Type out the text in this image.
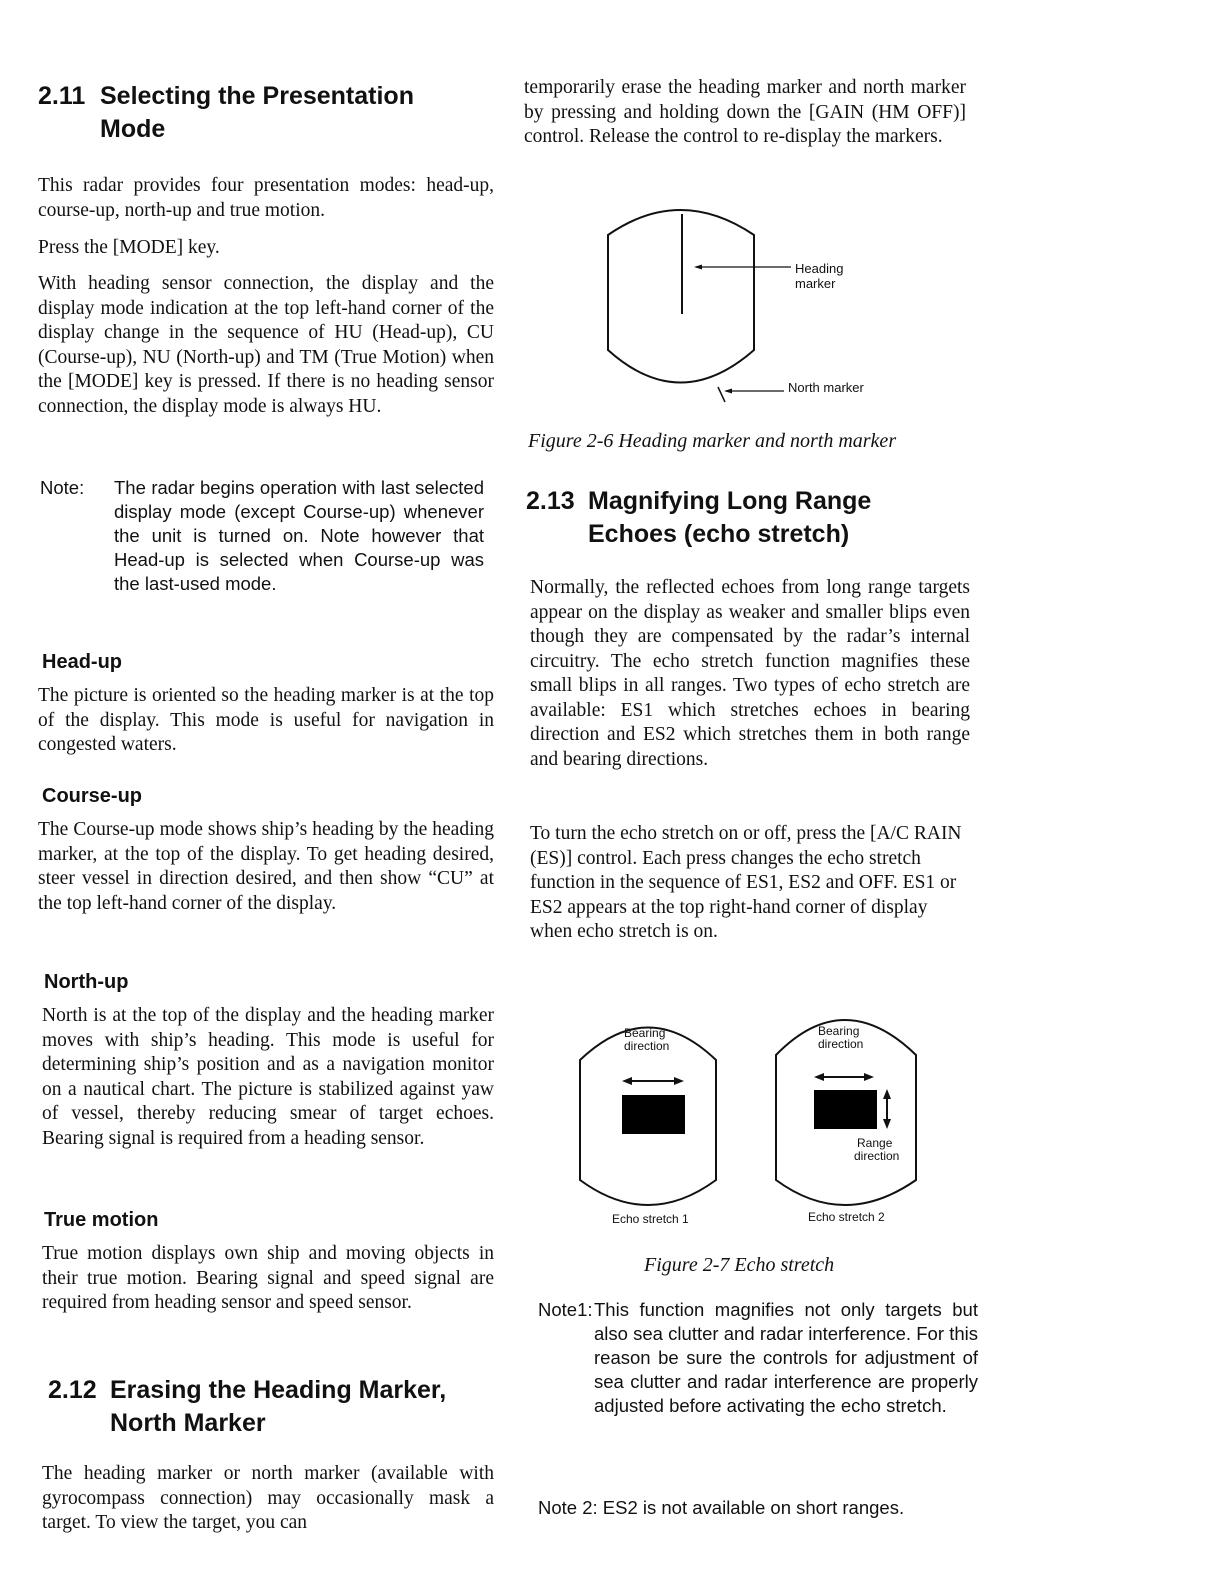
2.11 Selecting the Presentation
Mode

This radar provides four presentation modes: head-up, course-up, north-up and true motion.

Press the [MODE] key.

With heading sensor connection, the display and the display mode indication at the top left-hand corner of the display change in the sequence of HU (Head-up), CU (Course-up), NU (North-up) and TM (True Motion) when the [MODE] key is pressed. If there is no heading sensor connection, the display mode is always HU.

Note:	The radar begins operation with last selected display mode (except Course-up) whenever the unit is turned on. Note however that Head-up is selected when Course-up was the last-used mode.
Head-up

The picture is oriented so the heading marker is at the top of the display. This mode is useful for navigation in congested waters.

Course-up

The Course-up mode shows ship’s heading by the heading marker, at the top of the display. To get heading desired, steer vessel in direction desired, and then show “CU” at the top left-hand corner of the display.

North-up

North is at the top of the display and the heading marker moves with ship’s heading. This mode is useful for determining ship’s position and as a navigation monitor on a nautical chart. The picture is stabilized against yaw of vessel, thereby reducing smear of target echoes. Bearing signal is required from a heading sensor.

True motion

True motion displays own ship and moving objects in their true motion. Bearing signal and speed signal are required from heading sensor and speed sensor.

2.12 Erasing the Heading Marker,
North Marker

The heading marker or north marker (available with gyrocompass connection) may occasionally mask a target. To view the target, you can

temporarily erase the heading marker and north marker by pressing and holding down the [GAIN (HM OFF)] control. Release the control to re-display the markers.

Heading
marker
North marker
Figure 2-6 Heading marker and north marker
2.13 Magnifying Long Range
Echoes (echo stretch)

Normally, the reflected echoes from long range targets appear on the display as weaker and smaller blips even though they are compensated by the radar’s internal circuitry. The echo stretch function magnifies these small blips in all ranges. Two types of echo stretch are available: ES1 which stretches echoes in bearing direction and ES2 which stretches them in both range and bearing directions.

To turn the echo stretch on or off, press the [A/C RAIN (ES)] control. Each press changes the echo stretch function in the sequence of ES1, ES2 and OFF. ES1 or ES2 appears at the top right-hand corner of display when echo stretch is on.

Bearing
direction
Bearing
direction
Range
direction
Echo stretch 1	Echo stretch 2
Figure 2-7 Echo stretch
Note1: This function magnifies not only targets but also sea clutter and radar interference. For this reason be sure the controls for adjustment of sea clutter and radar interference are properly adjusted before activating the echo stretch.
Note 2: ES2 is not available on short ranges.
